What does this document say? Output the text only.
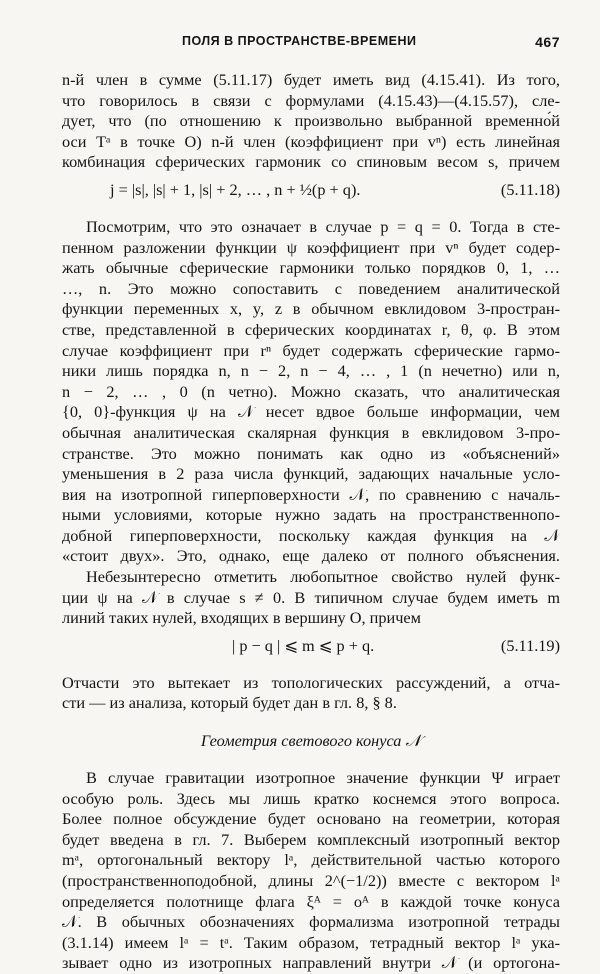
ПОЛЯ В ПРОСТРАНСТВЕ-ВРЕМЕНИ	467
n-й член в сумме (5.11.17) будет иметь вид (4.15.41). Из того,
что говорилось в связи с формулами (4.15.43)—(4.15.57), сле-
дует, что (по отношению к произвольно выбранной временно́й
оси Tᵃ в точке O) n-й член (коэффициент при vⁿ) есть линейная
комбинация сферических гармоник со спиновым весом s, причем
j = |s|, |s| + 1, |s| + 2, … , n + ½(p + q).	(5.11.18)
Посмотрим, что это означает в случае p = q = 0. Тогда в сте-
пенном разложении функции ψ коэффициент при vⁿ будет содер-
жать обычные сферические гармоники только порядков 0, 1, …
…, n. Это можно сопоставить с поведением аналитической
функции переменных x, y, z в обычном евклидовом 3-простран-
стве, представленной в сферических координатах r, θ, φ. В этом
случае коэффициент при rⁿ будет содержать сферические гармо-
ники лишь порядка n, n − 2, n − 4, … , 1 (n нечетно) или n,
n − 2, … , 0 (n четно). Можно сказать, что аналитическая
{0, 0}-функция ψ на 𝒩 несет вдвое больше информации, чем
обычная аналитическая скалярная функция в евклидовом 3-про-
странстве. Это можно понимать как одно из «объяснений»
уменьшения в 2 раза числа функций, задающих начальные усло-
вия на изотропной гиперповерхности 𝒩, по сравнению с началь-
ными условиями, которые нужно задать на пространственнопо-
добной гиперповерхности, поскольку каждая функция на 𝒩
«стоит двух». Это, однако, еще далеко от полного объяснения.
Небезынтересно отметить любопытное свойство нулей функ-
ции ψ на 𝒩 в случае s ≠ 0. В типичном случае будем иметь m
линий таких нулей, входящих в вершину O, причем
| p − q | ⩽ m ⩽ p + q.	(5.11.19)
Отчасти это вытекает из топологических рассуждений, а отча-
сти — из анализа, который будет дан в гл. 8, § 8.
Геометрия светового конуса 𝒩
В случае гравитации изотропное значение функции Ψ играет
особую роль. Здесь мы лишь кратко коснемся этого вопроса.
Более полное обсуждение будет основано на геометрии, которая
будет введена в гл. 7. Выберем комплексный изотропный вектор
mᵃ, ортогональный вектору lᵃ, действительной частью которого
(пространственноподобной, длины 2^(−1/2)) вместе с вектором lᵃ
определяется полотнище флага ξᴬ = oᴬ в каждой точке конуса
𝒩. В обычных обозначениях формализма изотропной тетрады
(3.1.14) имеем lᵃ = tᵃ. Таким образом, тетрадный вектор lᵃ ука-
зывает одно из изотропных направлений внутри 𝒩 (и ортогона-
